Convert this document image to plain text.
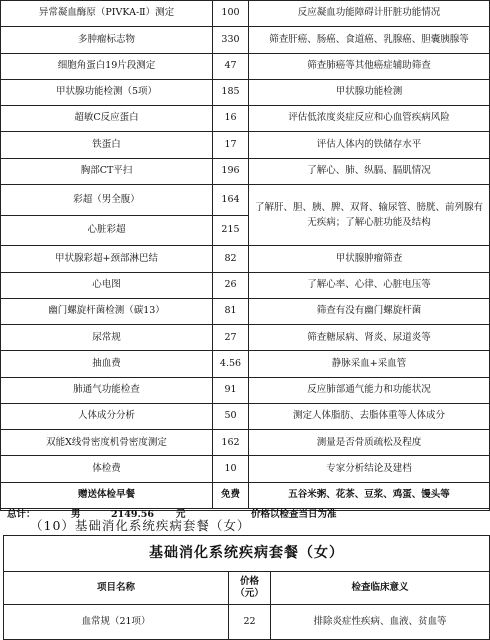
异常凝血酶原（PIVKA-Ⅱ）测定	100	反应凝血功能障碍计肝脏功能情况
多肿瘤标志物	330	筛查肝癌、肠癌、食道癌、乳腺癌、胆囊胰腺等
细胞角蛋白19片段测定	47	筛查肺癌等其他癌症辅助筛查
甲状腺功能检测（5项）	185	甲状腺功能检测
超敏C反应蛋白	16	评估低浓度炎症反应和心血管疾病风险
铁蛋白	17	评估人体内的铁储存水平
胸部CT平扫	196	了解心、肺、纵膈、膈肌情况
彩超（男全腹）	164	了解肝、胆、胰、脾、双肾、输尿管、膀胱、前列腺有无疾病；了解心脏功能及结构
心脏彩超	215	
甲状腺彩超+颈部淋巴结	82	甲状腺肿瘤筛查
心电图	26	了解心率、心律、心脏电压等
幽门螺旋杆菌检测（碳13）	81	筛查有没有幽门螺旋杆菌
尿常规	27	筛查糖尿病、肾炎、尿道炎等
抽血费	4.56	静脉采血+采血管
肺通气功能检查	91	反应肺部通气能力和功能状况
人体成分分析	50	测定人体脂肪、去脂体重等人体成分
双能X线骨密度机骨密度测定	162	测量是否骨质疏松及程度
体检费	10	专家分析结论及建档
赠送体检早餐	免费	五谷米粥、花茶、豆浆、鸡蛋、馒头等

总计： 男 2149.56 元 价格以检查当日为准		
（10）基础消化系统疾病套餐（女）
基础消化系统疾病套餐（女）		
项目名称	价格（元）	检查临床意义
血常规（21项）	22	排除炎症性疾病、血液、贫血等
